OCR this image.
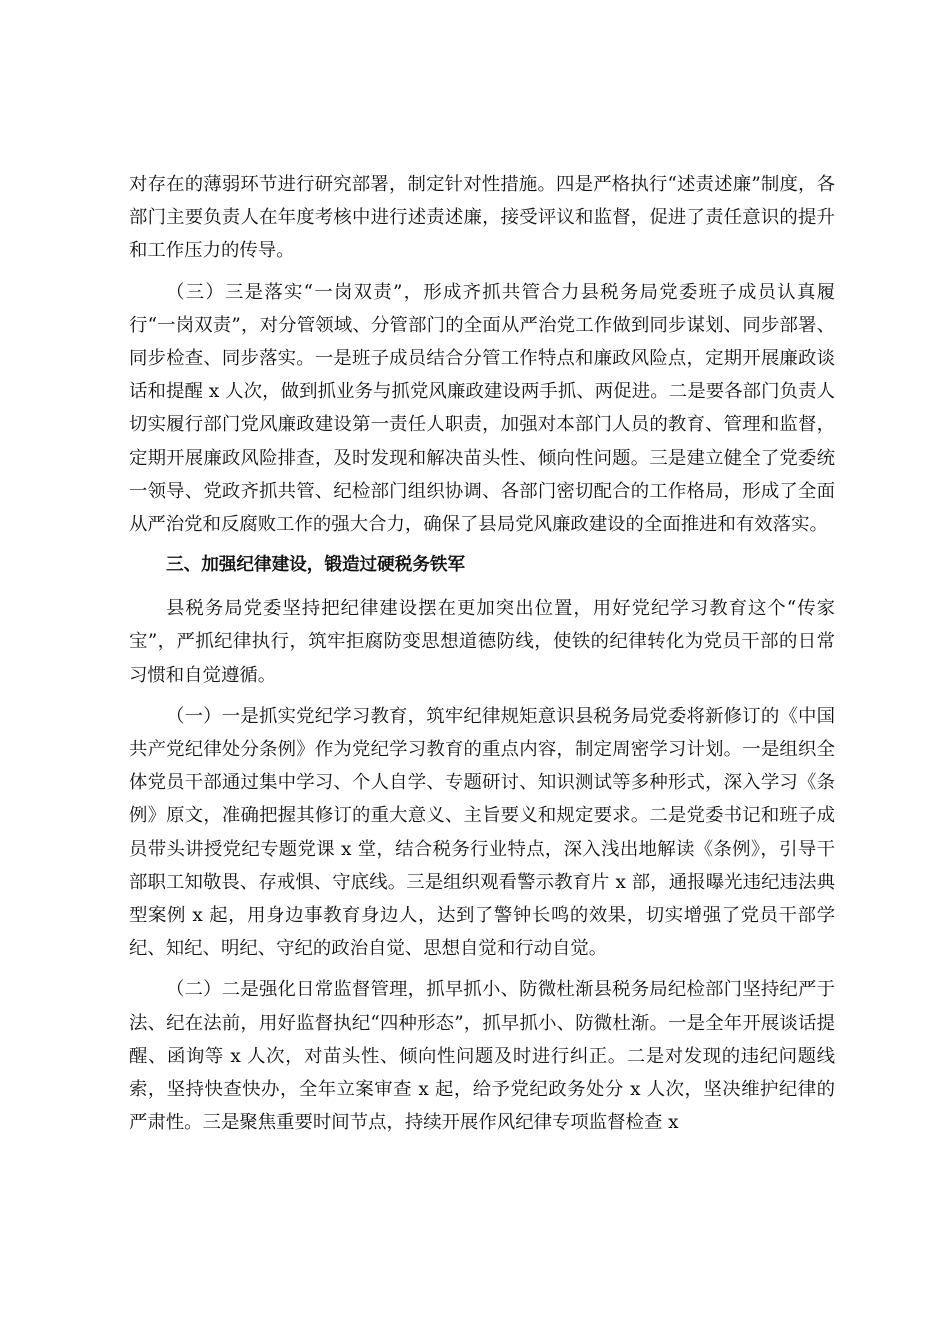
对存在的薄弱环节进行研究部署，制定针对性措施。四是严格执行“述责述廉”制度，各部门主要负责人在年度考核中进行述责述廉，接受评议和监督，促进了责任意识的提升和工作压力的传导。

（三）三是落实“一岗双责”，形成齐抓共管合力县税务局党委班子成员认真履行“一岗双责”，对分管领域、分管部门的全面从严治党工作做到同步谋划、同步部署、同步检查、同步落实。一是班子成员结合分管工作特点和廉政风险点，定期开展廉政谈话和提醒 x 人次，做到抓业务与抓党风廉政建设两手抓、两促进。二是要各部门负责人切实履行部门党风廉政建设第一责任人职责，加强对本部门人员的教育、管理和监督，定期开展廉政风险排查，及时发现和解决苗头性、倾向性问题。三是建立健全了党委统一领导、党政齐抓共管、纪检部门组织协调、各部门密切配合的工作格局，形成了全面从严治党和反腐败工作的强大合力，确保了县局党风廉政建设的全面推进和有效落实。

三、加强纪律建设，锻造过硬税务铁军

县税务局党委坚持把纪律建设摆在更加突出位置，用好党纪学习教育这个“传家宝”，严抓纪律执行，筑牢拒腐防变思想道德防线，使铁的纪律转化为党员干部的日常习惯和自觉遵循。

（一）一是抓实党纪学习教育，筑牢纪律规矩意识县税务局党委将新修订的《中国共产党纪律处分条例》作为党纪学习教育的重点内容，制定周密学习计划。一是组织全体党员干部通过集中学习、个人自学、专题研讨、知识测试等多种形式，深入学习《条例》原文，准确把握其修订的重大意义、主旨要义和规定要求。二是党委书记和班子成员带头讲授党纪专题党课 x 堂，结合税务行业特点，深入浅出地解读《条例》，引导干部职工知敬畏、存戒惧、守底线。三是组织观看警示教育片 x 部，通报曝光违纪违法典型案例 x 起，用身边事教育身边人，达到了警钟长鸣的效果，切实增强了党员干部学纪、知纪、明纪、守纪的政治自觉、思想自觉和行动自觉。

（二）二是强化日常监督管理，抓早抓小、防微杜渐县税务局纪检部门坚持纪严于法、纪在法前，用好监督执纪“四种形态”，抓早抓小、防微杜渐。一是全年开展谈话提醒、函询等 x 人次，对苗头性、倾向性问题及时进行纠正。二是对发现的违纪问题线索，坚持快查快办，全年立案审查 x 起，给予党纪政务处分 x 人次，坚决维护纪律的严肃性。三是聚焦重要时间节点，持续开展作风纪律专项监督检查 x
